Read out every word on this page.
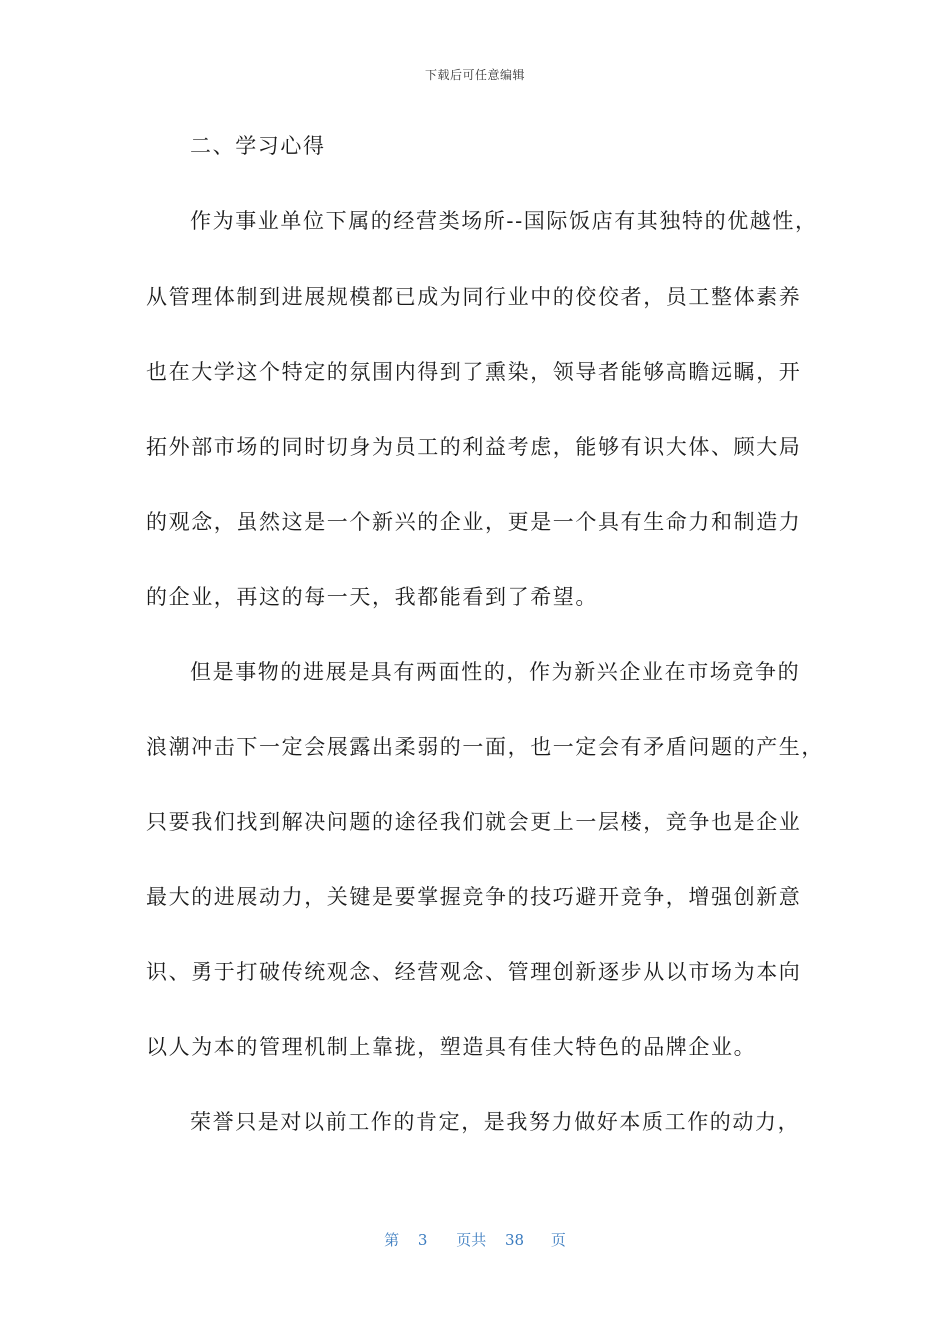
下载后可任意编辑
二、学习心得
作为事业单位下属的经营类场所--国际饭店有其独特的优越性，
从管理体制到进展规模都已成为同行业中的佼佼者，员工整体素养
也在大学这个特定的氛围内得到了熏染，领导者能够高瞻远瞩，开
拓外部市场的同时切身为员工的利益考虑，能够有识大体、顾大局
的观念，虽然这是一个新兴的企业，更是一个具有生命力和制造力
的企业，再这的每一天，我都能看到了希望。
但是事物的进展是具有两面性的，作为新兴企业在市场竞争的
浪潮冲击下一定会展露出柔弱的一面，也一定会有矛盾问题的产生，
只要我们找到解决问题的途径我们就会更上一层楼，竞争也是企业
最大的进展动力，关键是要掌握竞争的技巧避开竞争，增强创新意
识、勇于打破传统观念、经营观念、管理创新逐步从以市场为本向
以人为本的管理机制上靠拢，塑造具有佳大特色的品牌企业。
荣誉只是对以前工作的肯定，是我努力做好本质工作的动力，
第 3 页共 38 页
